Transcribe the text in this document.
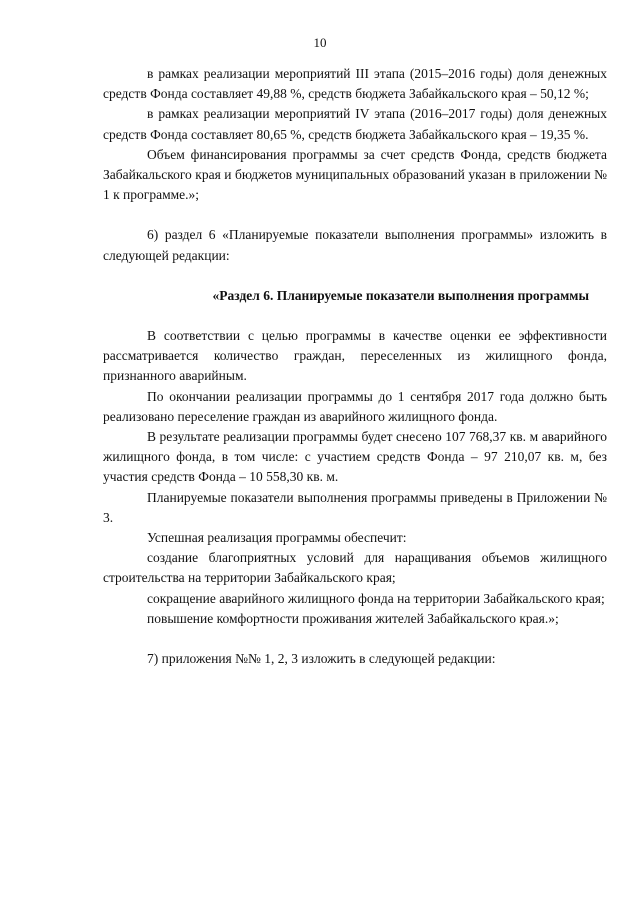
10

в рамках реализации мероприятий III этапа (2015–2016 годы) доля денежных средств Фонда составляет 49,88 %, средств бюджета Забайкальского края – 50,12 %;

в рамках реализации мероприятий IV этапа (2016–2017 годы) доля денежных средств Фонда составляет 80,65 %, средств бюджета Забайкальского края – 19,35 %.

Объем финансирования программы за счет средств Фонда, средств бюджета Забайкальского края и бюджетов муниципальных образований указан в приложении № 1 к программе.»;

6) раздел 6 «Планируемые показатели выполнения программы» изложить в следующей редакции:

«Раздел 6. Планируемые показатели выполнения программы

В соответствии с целью программы в качестве оценки ее эффективности рассматривается количество граждан, переселенных из жилищного фонда, признанного аварийным.

По окончании реализации программы до 1 сентября 2017 года должно быть реализовано переселение граждан из аварийного жилищного фонда.

В результате реализации программы будет снесено 107 768,37 кв. м аварийного жилищного фонда, в том числе: с участием средств Фонда – 97 210,07 кв. м, без участия средств Фонда – 10 558,30 кв. м.

Планируемые показатели выполнения программы приведены в Приложении № 3.

Успешная реализация программы обеспечит:

создание благоприятных условий для наращивания объемов жилищного строительства на территории Забайкальского края;

сокращение аварийного жилищного фонда на территории Забайкальского края;

повышение комфортности проживания жителей Забайкальского края.»;

7) приложения №№ 1, 2, 3 изложить в следующей редакции:
